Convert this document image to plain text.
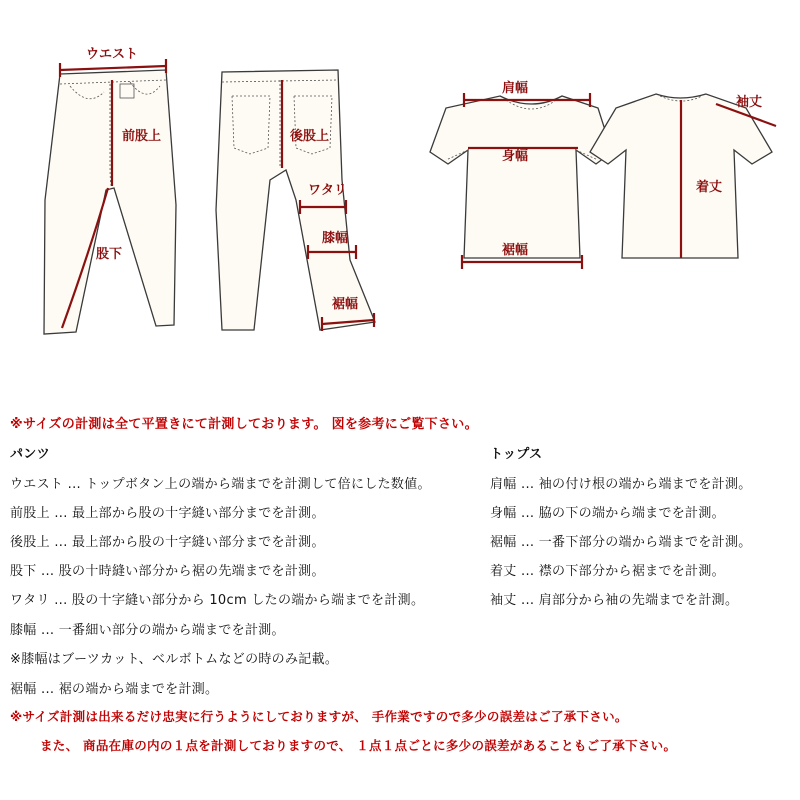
ウエスト
前股上
股下
後股上
ワタリ
膝幅
裾幅
肩幅
身幅
裾幅
袖丈
着丈
※サイズの計測は全て平置きにて計測しております。 図を参考にご覧下さい。
パンツ
ウエスト ... トップボタン上の端から端までを計測して倍にした数値。
前股上 ... 最上部から股の十字縫い部分までを計測。
後股上 ... 最上部から股の十字縫い部分までを計測。
股下 ... 股の十時縫い部分から裾の先端までを計測。
ワタリ ... 股の十字縫い部分から 10cm したの端から端までを計測。
膝幅 ... 一番細い部分の端から端までを計測。
※膝幅はブーツカット、ベルボトムなどの時のみ記載。
裾幅 ... 裾の端から端までを計測。
トップス
肩幅 ... 袖の付け根の端から端までを計測。
身幅 ... 脇の下の端から端までを計測。
裾幅 ... 一番下部分の端から端までを計測。
着丈 ... 襟の下部分から裾までを計測。
袖丈 ... 肩部分から袖の先端までを計測。
※サイズ計測は出来るだけ忠実に行うようにしておりますが、 手作業ですので多少の誤差はご了承下さい。
また、 商品在庫の内の１点を計測しておりますので、 １点１点ごとに多少の誤差があることもご了承下さい。
